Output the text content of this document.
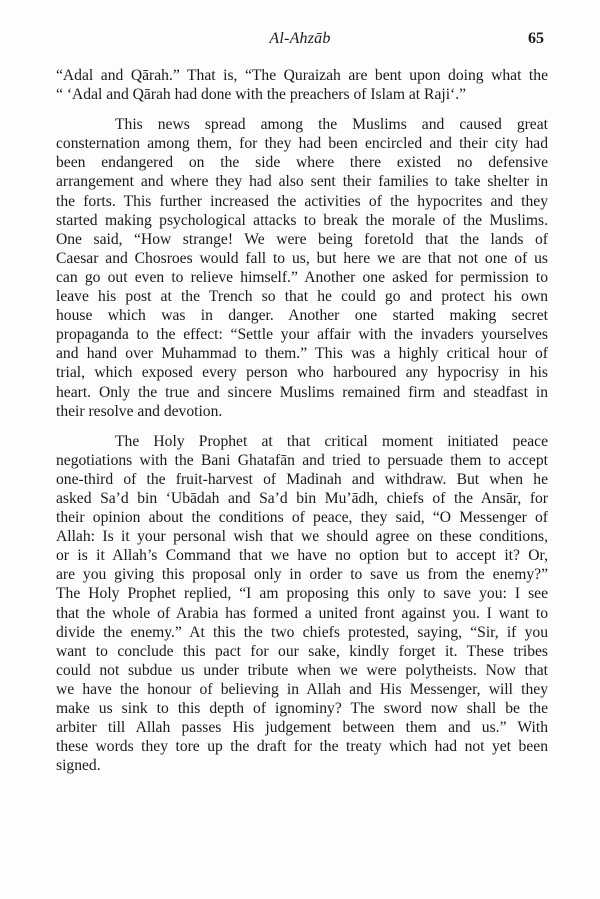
Al-Ahzāb	65

“Adal and Qārah.” That is, “The Quraizah are bent upon doing what the
“ ‘Adal and Qārah had done with the preachers of Islam at Raji‘.”

This news spread among the Muslims and caused great
consternation among them, for they had been encircled and their city had
been endangered on the side where there existed no defensive
arrangement and where they had also sent their families to take shelter in
the forts. This further increased the activities of the hypocrites and they
started making psychological attacks to break the morale of the Muslims.
One said, “How strange! We were being foretold that the lands of
Caesar and Chosroes would fall to us, but here we are that not one of us
can go out even to relieve himself.” Another one asked for permission to
leave his post at the Trench so that he could go and protect his own
house which was in danger. Another one started making secret
propaganda to the effect: “Settle your affair with the invaders yourselves
and hand over Muhammad to them.” This was a highly critical hour of
trial, which exposed every person who harboured any hypocrisy in his
heart. Only the true and sincere Muslims remained firm and steadfast in
their resolve and devotion.

The Holy Prophet at that critical moment initiated peace
negotiations with the Bani Ghatafān and tried to persuade them to accept
one-third of the fruit-harvest of Madinah and withdraw. But when he
asked Sa’d bin ‘Ubādah and Sa’d bin Mu’ādh, chiefs of the Ansār, for
their opinion about the conditions of peace, they said, “O Messenger of
Allah: Is it your personal wish that we should agree on these conditions,
or is it Allah’s Command that we have no option but to accept it? Or,
are you giving this proposal only in order to save us from the enemy?”
The Holy Prophet replied, “I am proposing this only to save you: I see
that the whole of Arabia has formed a united front against you. I want to
divide the enemy.” At this the two chiefs protested, saying, “Sir, if you
want to conclude this pact for our sake, kindly forget it. These tribes
could not subdue us under tribute when we were polytheists. Now that
we have the honour of believing in Allah and His Messenger, will they
make us sink to this depth of ignominy? The sword now shall be the
arbiter till Allah passes His judgement between them and us.” With
these words they tore up the draft for the treaty which had not yet been
signed.
